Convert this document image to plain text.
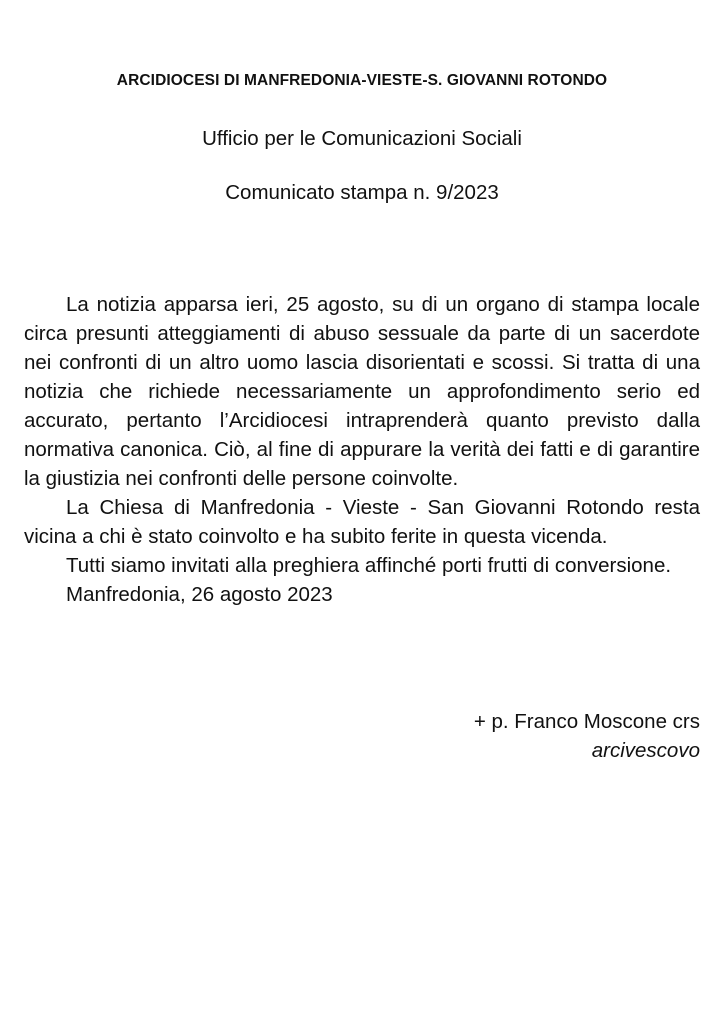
ARCIDIOCESI DI MANFREDONIA-VIESTE-S. GIOVANNI ROTONDO
Ufficio per le Comunicazioni Sociali
Comunicato stampa n. 9/2023

La notizia apparsa ieri, 25 agosto, su di un organo di stampa locale circa presunti atteggiamenti di abuso sessuale da parte di un sacerdote nei confronti di un altro uomo lascia disorientati e scossi. Si tratta di una notizia che richiede necessariamente un approfondimento serio ed accurato, pertanto l’Arcidiocesi intraprenderà quanto previsto dalla normativa canonica. Ciò, al fine di appurare la verità dei fatti e di garantire la giustizia nei confronti delle persone coinvolte.

La Chiesa di Manfredonia - Vieste - San Giovanni Rotondo resta vicina a chi è stato coinvolto e ha subito ferite in questa vicenda.

Tutti siamo invitati alla preghiera affinché porti frutti di conversione.

Manfredonia, 26 agosto 2023

+ p. Franco Moscone crs
arcivescovo
